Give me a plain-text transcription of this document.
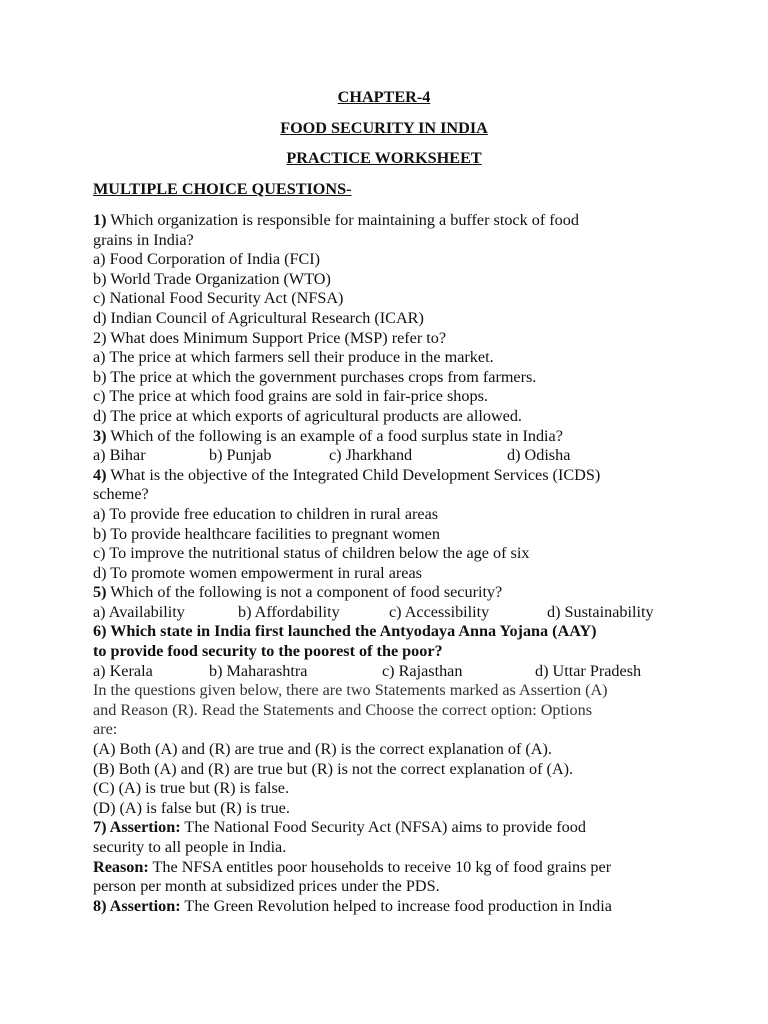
CHAPTER-4

FOOD SECURITY IN INDIA

PRACTICE WORKSHEET

MULTIPLE CHOICE QUESTIONS-

1) Which organization is responsible for maintaining a buffer stock of food
grains in India?
a) Food Corporation of India (FCI)
b) World Trade Organization (WTO)
c) National Food Security Act (NFSA)
d) Indian Council of Agricultural Research (ICAR)
2) What does Minimum Support Price (MSP) refer to?
a) The price at which farmers sell their produce in the market.
b) The price at which the government purchases crops from farmers.
c) The price at which food grains are sold in fair-price shops.
d) The price at which exports of agricultural products are allowed.
3) Which of the following is an example of a food surplus state in India?
a) Bihar	b) Punjab	c) Jharkhand	d) Odisha
4) What is the objective of the Integrated Child Development Services (ICDS)
scheme?
a) To provide free education to children in rural areas
b) To provide healthcare facilities to pregnant women
c) To improve the nutritional status of children below the age of six
d) To promote women empowerment in rural areas
5) Which of the following is not a component of food security?
a) Availability	b) Affordability	c) Accessibility	d) Sustainability
6) Which state in India first launched the Antyodaya Anna Yojana (AAY)
to provide food security to the poorest of the poor?
a) Kerala	b) Maharashtra	c) Rajasthan	d) Uttar Pradesh
In the questions given below, there are two Statements marked as Assertion (A)
and Reason (R). Read the Statements and Choose the correct option: Options
are:
(A) Both (A) and (R) are true and (R) is the correct explanation of (A).
(B) Both (A) and (R) are true but (R) is not the correct explanation of (A).
(C) (A) is true but (R) is false.
(D) (A) is false but (R) is true.
7) Assertion: The National Food Security Act (NFSA) aims to provide food
security to all people in India.
Reason: The NFSA entitles poor households to receive 10 kg of food grains per
person per month at subsidized prices under the PDS.
8) Assertion: The Green Revolution helped to increase food production in India
